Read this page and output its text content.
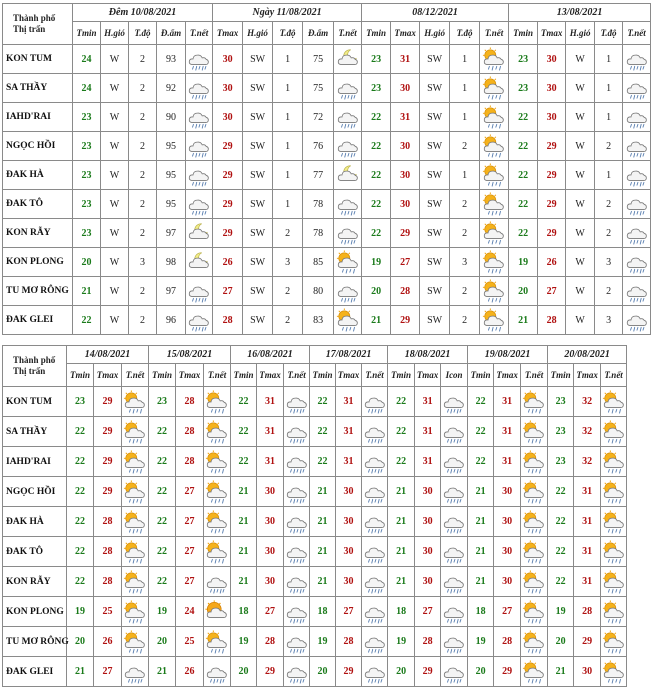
Thành phố
Thị trấn	Đêm 10/08/2021					Ngày 11/08/2021					08/12/2021					13/08/2021				
	Tmin	H.gió	T.độ	Đ.ẩm	T.nết	Tmax	H.gió	T.độ	Đ.ẩm	T.nết	Tmin	Tmax	H.gió	T.độ	T.nết	Tmin	Tmax	H.gió	T.độ	T.nết
KON TUM	24	W	2	93		30	SW	1	75		23	31	SW	1		23	30	W	1	

SA THẦY	24	W	2	92		30	SW	1	75		23	30	SW	1		23	30	W	1	

IAHD'RAI	23	W	2	90		30	SW	1	72		22	31	SW	1		22	30	W	1	

NGỌC HỒI	23	W	2	95		29	SW	1	76		22	30	SW	2		22	29	W	2	

ĐAK HÀ	23	W	2	95		29	SW	1	77		22	30	SW	1		22	29	W	1	

ĐAK TÔ	23	W	2	95		29	SW	1	78		22	30	SW	2		22	29	W	2	

KON RẪY	23	W	2	97		29	SW	2	78		22	29	SW	2		22	29	W	2	

KON PLONG	20	W	3	98		26	SW	3	85		19	27	SW	3		19	26	W	3	

TU MƠ RÔNG	21	W	2	97		27	SW	2	80		20	28	SW	2		20	27	W	2	

ĐAK GLEI	22	W	2	96		28	SW	2	83		21	29	SW	2		21	28	W	3	
Thành phố
Thị trấn	14/08/2021			15/08/2021			16/08/2021			17/08/2021			18/08/2021			19/08/2021			20/08/2021		
	Tmin	Tmax	T.nết	Tmin	Tmax	T.nết	Tmin	Tmax	T.nết	Tmin	Tmax	T.nết	Tmin	Tmax	Icon	Tmin	Tmax	T.nết	Tmin	Tmax	T.nết
KON TUM	23	29		23	28		22	31		22	31		22	31		22	31		23	32	

SA THẦY	22	29		22	28		22	31		22	31		22	31		22	31		23	32	

IAHD'RAI	22	29		22	28		22	31		22	31		22	31		22	31		23	32	

NGỌC HỒI	22	29		22	27		21	30		21	30		21	30		21	30		22	31	

ĐAK HÀ	22	28		22	27		21	30		21	30		21	30		21	30		22	31	

ĐAK TÔ	22	28		22	27		21	30		21	30		21	30		21	30		22	31	

KON RẪY	22	28		22	27		21	30		21	30		21	30		21	30		22	31	

KON PLONG	19	25		19	24		18	27		18	27		18	27		18	27		19	28	

TU MƠ RÔNG	20	26		20	25		19	28		19	28		19	28		19	28		20	29	

ĐAK GLEI	21	27		21	26		20	29		20	29		20	29		20	29		21	30	
